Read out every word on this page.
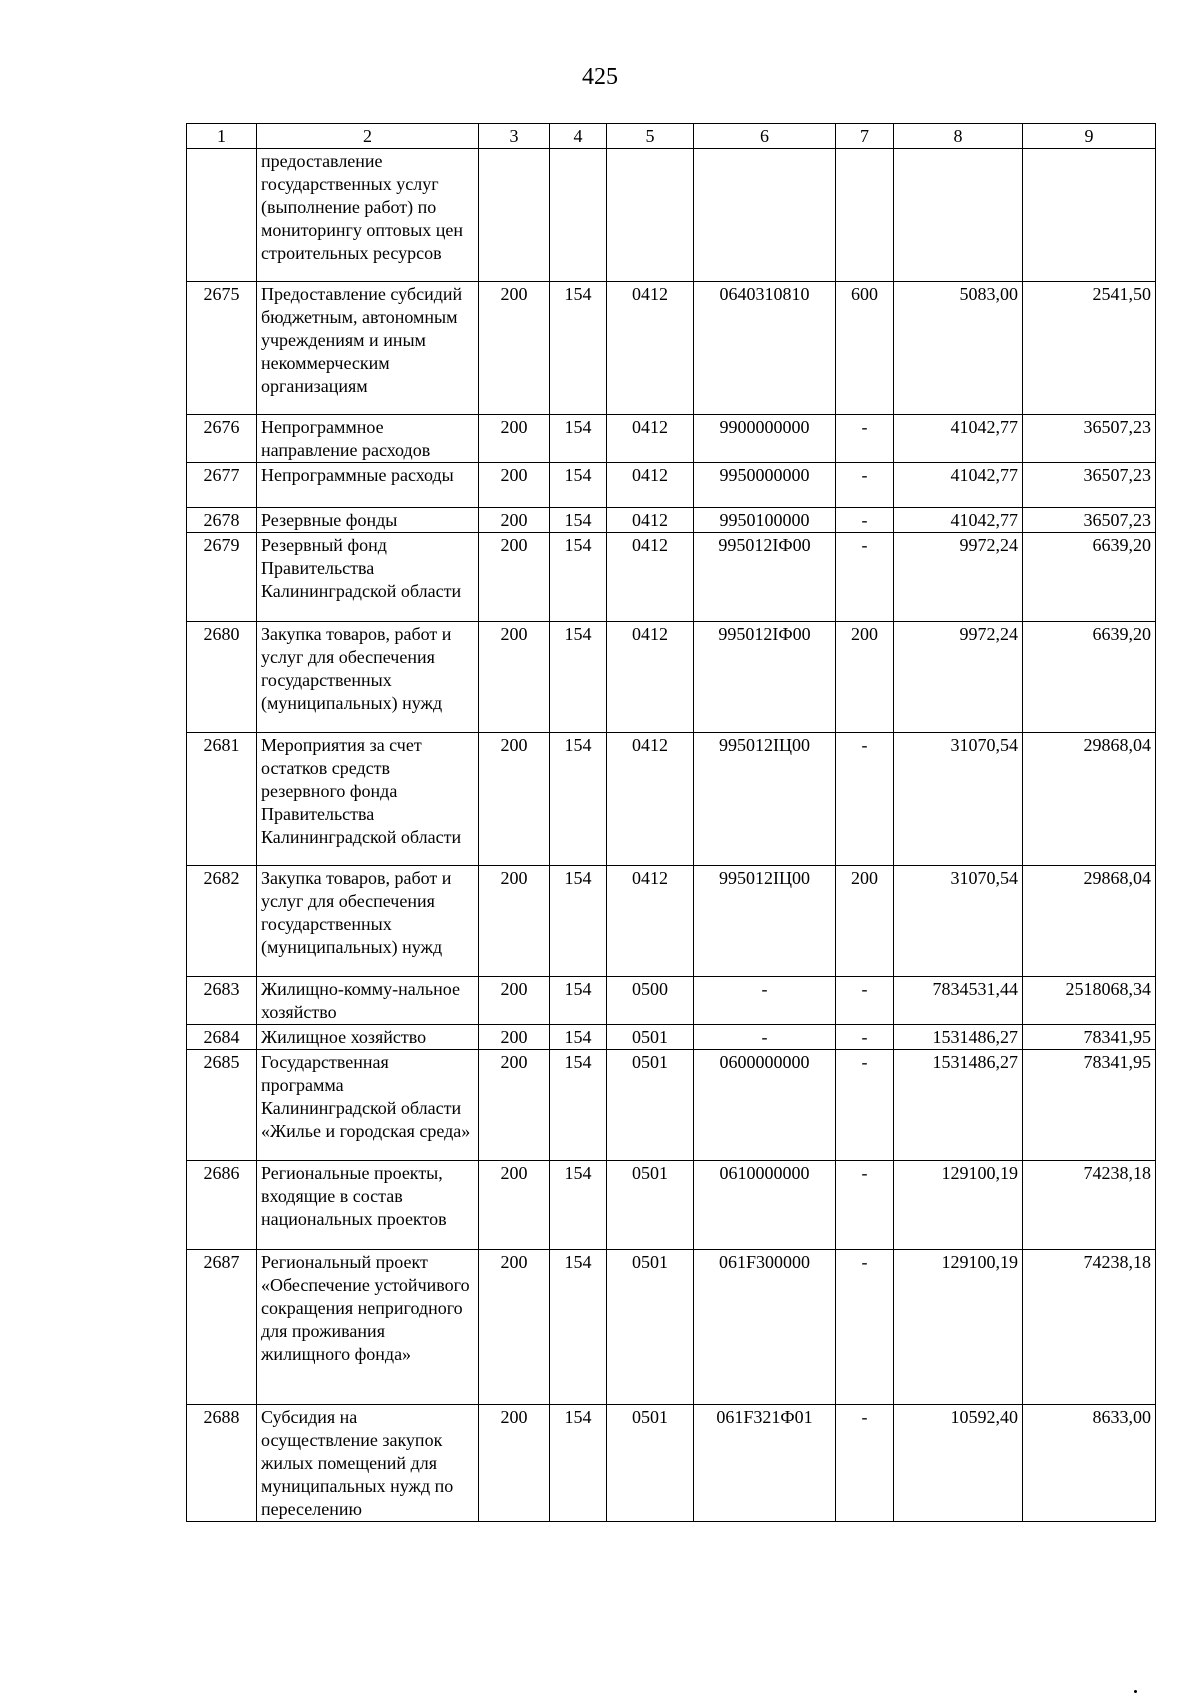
425
1	2	3	4	5	6	7	8	9
	предоставление государственных услуг (выполнение работ) по мониторингу оптовых цен строительных ресурсов							
2675	Предоставление субсидий бюджетным, автономным учреждениям и иным некоммерческим организациям	200	154	0412	0640310810	600	5083,00	2541,50
2676	Непрограммное направление расходов	200	154	0412	9900000000	-	41042,77	36507,23
2677	Непрограммные расходы	200	154	0412	9950000000	-	41042,77	36507,23
2678	Резервные фонды	200	154	0412	9950100000	-	41042,77	36507,23
2679	Резервный фонд Правительства Калининградской области	200	154	0412	995012IФ00	-	9972,24	6639,20
2680	Закупка товаров, работ и услуг для обеспечения государственных (муниципальных) нужд	200	154	0412	995012IФ00	200	9972,24	6639,20
2681	Мероприятия за счет остатков средств резервного фонда Правительства Калининградской области	200	154	0412	995012IЦ00	-	31070,54	29868,04
2682	Закупка товаров, работ и услуг для обеспечения государственных (муниципальных) нужд	200	154	0412	995012IЦ00	200	31070,54	29868,04
2683	Жилищно-комму-нальное хозяйство	200	154	0500	-	-	7834531,44	2518068,34
2684	Жилищное хозяйство	200	154	0501	-	-	1531486,27	78341,95
2685	Государственная программа Калининградской области «Жилье и городская среда»	200	154	0501	0600000000	-	1531486,27	78341,95
2686	Региональные проекты, входящие в состав национальных проектов	200	154	0501	0610000000	-	129100,19	74238,18
2687	Региональный проект «Обеспечение устойчивого сокращения непригодного для проживания жилищного фонда»	200	154	0501	061F300000	-	129100,19	74238,18
2688	Субсидия на осуществление закупок жилых помещений для муниципальных нужд по переселению	200	154	0501	061F321Ф01	-	10592,40	8633,00
